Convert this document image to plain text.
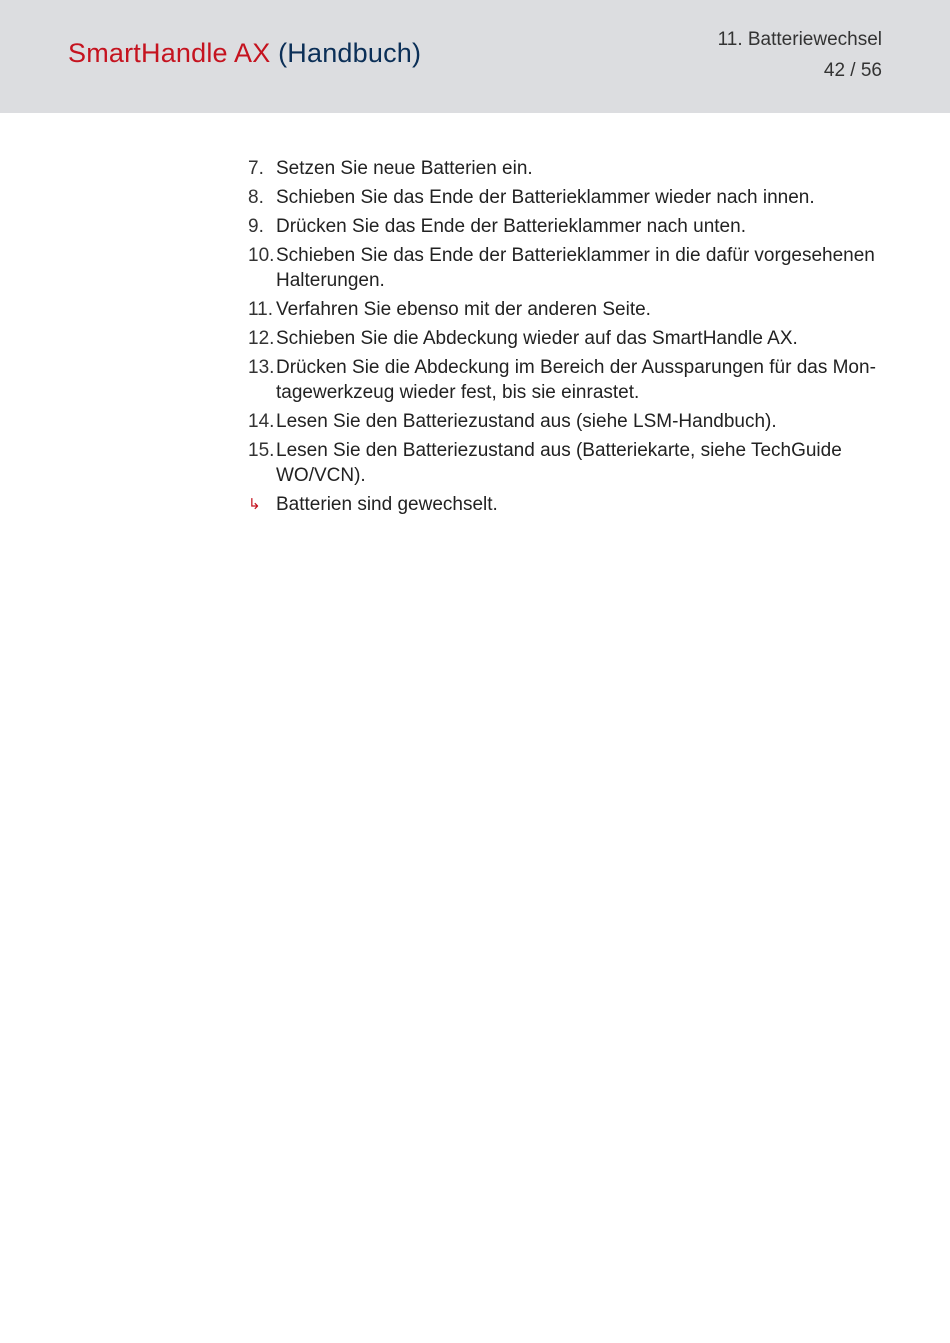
SmartHandle AX (Handbuch)	11. Batteriewechsel
42 / 56
7. Setzen Sie neue Batterien ein.
8. Schieben Sie das Ende der Batterieklammer wieder nach innen.
9. Drücken Sie das Ende der Batterieklammer nach unten.
10. Schieben Sie das Ende der Batterieklammer in die dafür vorgesehenen Halterungen.
11. Verfahren Sie ebenso mit der anderen Seite.
12. Schieben Sie die Abdeckung wieder auf das SmartHandle AX.
13. Drücken Sie die Abdeckung im Bereich der Aussparungen für das Montagewerkzeug wieder fest, bis sie einrastet.
14. Lesen Sie den Batteriezustand aus (siehe LSM-Handbuch).
15. Lesen Sie den Batteriezustand aus (Batteriekarte, siehe TechGuide WO/VCN).
↳ Batterien sind gewechselt.
